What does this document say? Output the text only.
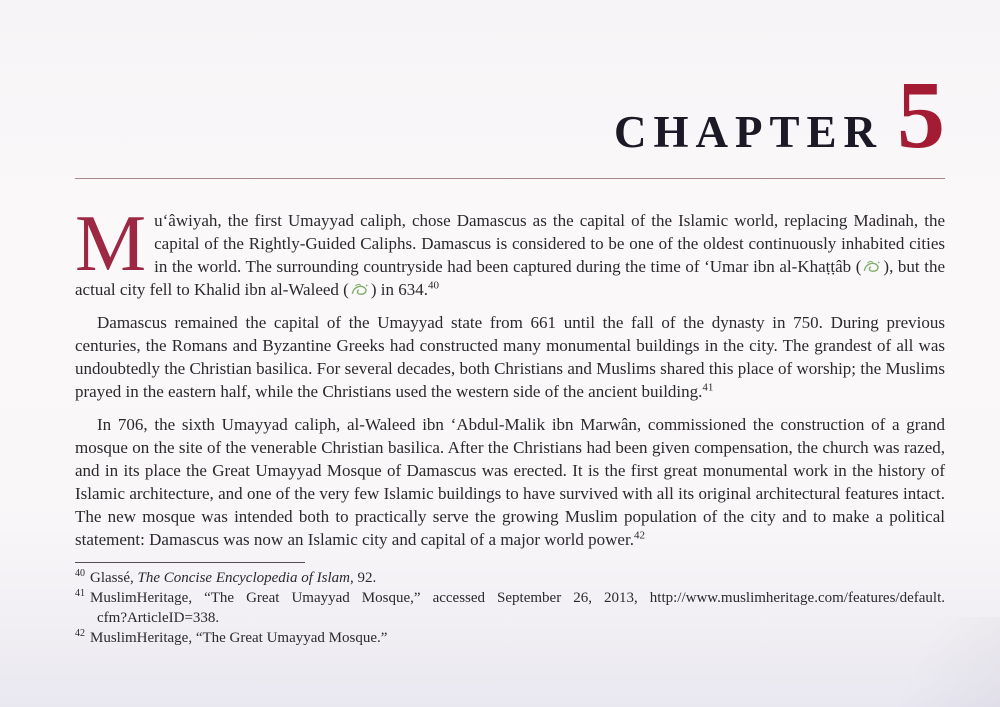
CHAPTER 5

Mu‘âwiyah, the first Umayyad caliph, chose Damascus as the capital of the Islamic world, replacing Madinah, the capital of the Rightly-Guided Caliphs. Damascus is considered to be one of the oldest continuously inhabited cities in the world. The surrounding countryside had been captured during the time of ‘Umar ibn al-Khaṭṭâb ( ), but the actual city fell to Khalid ibn al-Waleed ( ) in 634.40

Damascus remained the capital of the Umayyad state from 661 until the fall of the dynasty in 750. During previous centuries, the Romans and Byzantine Greeks had constructed many monumental buildings in the city. The grandest of all was undoubtedly the Christian basilica. For several decades, both Christians and Muslims shared this place of worship; the Muslims prayed in the eastern half, while the Christians used the western side of the ancient building.$^{41}$

In 706, the sixth Umayyad caliph, al-Waleed ibn ‘Abdul-Malik ibn Marwân, commissioned the construction of a grand mosque on the site of the venerable Christian basilica. After the Christians had been given compensation, the church was razed, and in its place the Great Umayyad Mosque of Damascus was erected. It is the first great monumental work in the history of Islamic architecture, and one of the very few Islamic buildings to have survived with all its original architectural features intact. The new mosque was intended both to practically serve the growing Muslim population of the city and to make a political statement: Damascus was now an Islamic city and capital of a major world power.$^{42}$

$^{40}$ Glassé, The Concise Encyclopedia of Islam, 92.
$^{41}$ MuslimHeritage, “The Great Umayyad Mosque,” accessed September 26, 2013, http://www.muslimheritage.com/features/default.
cfm?ArticleID=338.
$^{42}$ MuslimHeritage, “The Great Umayyad Mosque.”
